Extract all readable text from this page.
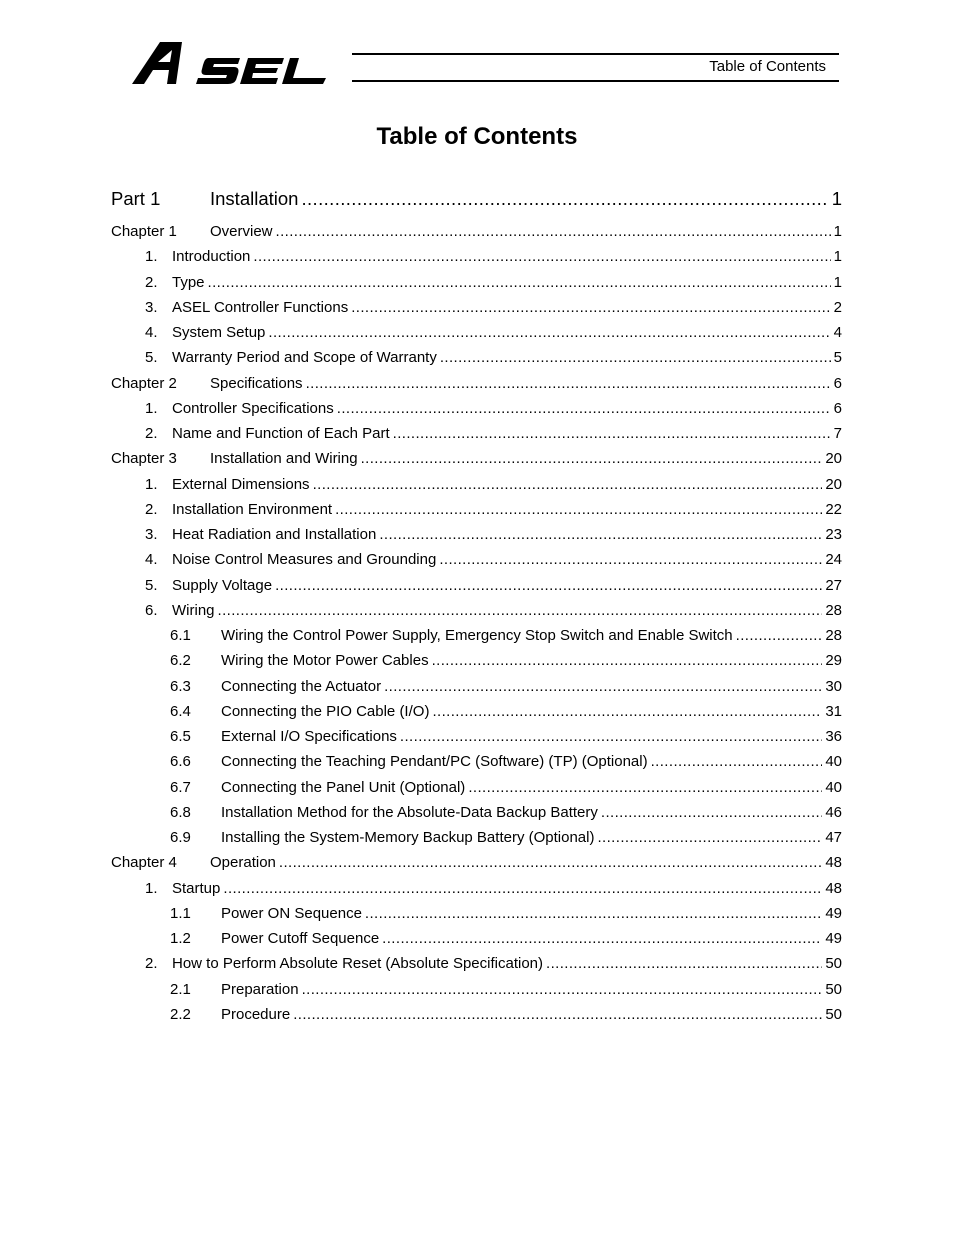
Table of Contents
Table of Contents
Part 1	Installation .....	1
Chapter 1	Overview .....	1
1. Introduction .....	1
2. Type .....	1
3. ASEL Controller Functions .....	2
4. System Setup .....	4
5. Warranty Period and Scope of Warranty .....	5
Chapter 2	Specifications .....	6
1. Controller Specifications .....	6
2. Name and Function of Each Part .....	7
Chapter 3	Installation and Wiring .....	20
1. External Dimensions .....	20
2. Installation Environment .....	22
3. Heat Radiation and Installation .....	23
4. Noise Control Measures and Grounding .....	24
5. Supply Voltage .....	27
6. Wiring .....	28
6.1	Wiring the Control Power Supply, Emergency Stop Switch and Enable Switch .....	28
6.2	Wiring the Motor Power Cables .....	29
6.3	Connecting the Actuator .....	30
6.4	Connecting the PIO Cable (I/O) .....	31
6.5	External I/O Specifications .....	36
6.6	Connecting the Teaching Pendant/PC (Software) (TP) (Optional) .....	40
6.7	Connecting the Panel Unit (Optional) .....	40
6.8	Installation Method for the Absolute-Data Backup Battery .....	46
6.9	Installing the System-Memory Backup Battery (Optional) .....	47
Chapter 4	Operation .....	48
1. Startup .....	48
1.1	Power ON Sequence .....	49
1.2	Power Cutoff Sequence .....	49
2. How to Perform Absolute Reset (Absolute Specification) .....	50
2.1	Preparation .....	50
2.2	Procedure .....	50
